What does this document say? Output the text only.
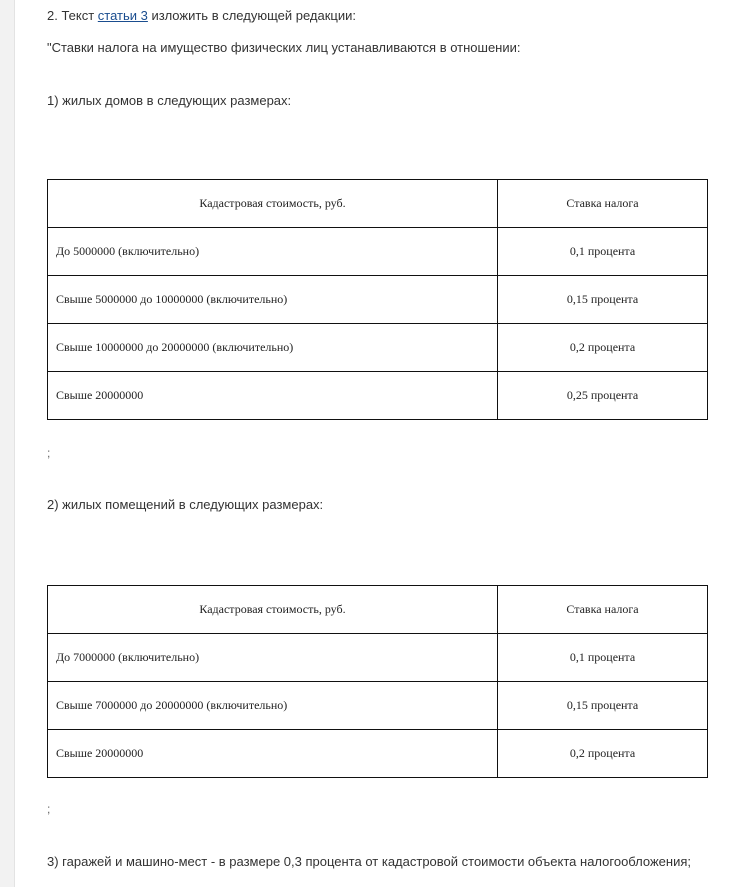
2. Текст статьи 3 изложить в следующей редакции:
"Ставки налога на имущество физических лиц устанавливаются в отношении:
1) жилых домов в следующих размерах:
Кадастровая стоимость, руб.	Ставка налога
До 5000000 (включительно)	0,1 процента
Свыше 5000000 до 10000000 (включительно)	0,15 процента
Свыше 10000000 до 20000000 (включительно)	0,2 процента
Свыше 20000000	0,25 процента
;
2) жилых помещений в следующих размерах:
Кадастровая стоимость, руб.	Ставка налога
До 7000000 (включительно)	0,1 процента
Свыше 7000000 до 20000000 (включительно)	0,15 процента
Свыше 20000000	0,2 процента
;
3) гаражей и машино-мест - в размере 0,3 процента от кадастровой стоимости объекта налогообложения;
